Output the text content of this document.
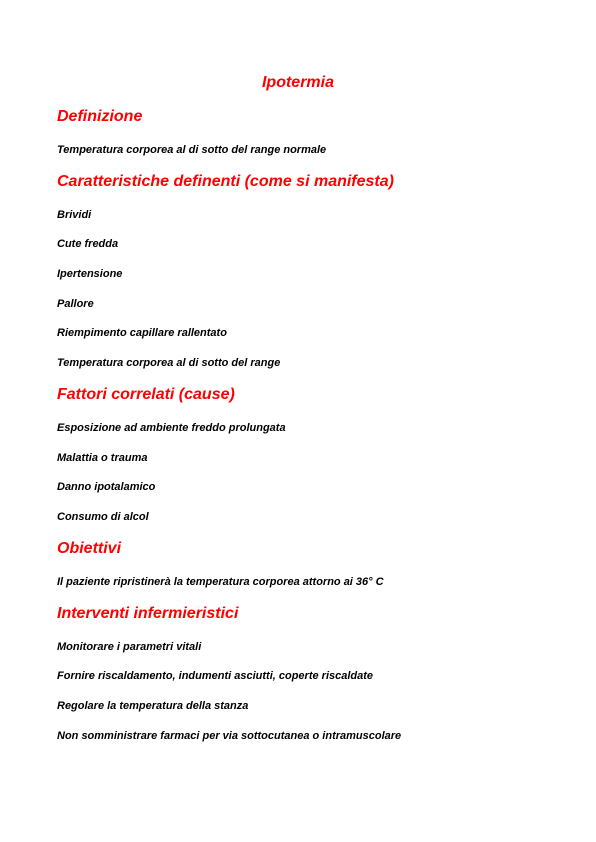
Ipotermia
Definizione
Temperatura corporea al di sotto del range normale
Caratteristiche definenti (come si manifesta)
Brividi
Cute fredda
Ipertensione
Pallore
Riempimento capillare rallentato
Temperatura corporea al di sotto del range
Fattori correlati (cause)
Esposizione ad ambiente freddo prolungata
Malattia o trauma
Danno ipotalamico
Consumo di alcol
Obiettivi
Il paziente ripristinerà la temperatura corporea attorno ai 36° C
Interventi infermieristici
Monitorare i parametri vitali
Fornire riscaldamento, indumenti asciutti, coperte riscaldate
Regolare la temperatura della stanza
Non somministrare farmaci per via sottocutanea o intramuscolare
